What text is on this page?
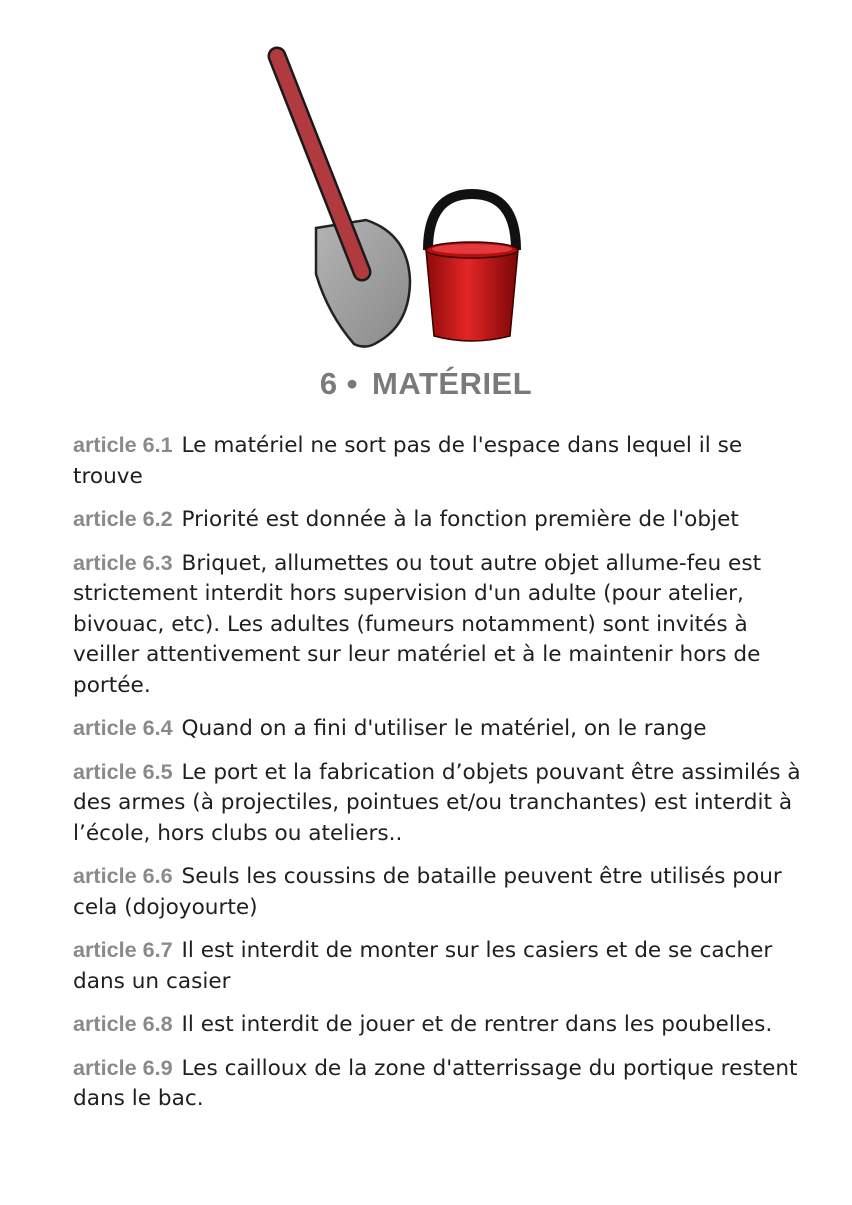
6 • MATÉRIEL
article 6.1 Le matériel ne sort pas de l'espace dans lequel il se trouve
article 6.2 Priorité est donnée à la fonction première de l'objet
article 6.3 Briquet, allumettes ou tout autre objet allume-feu est strictement interdit hors supervision d'un adulte (pour atelier, bivouac, etc). Les adultes (fumeurs notamment) sont invités à veiller attentivement sur leur matériel et à le maintenir hors de portée.
article 6.4 Quand on a fini d'utiliser le matériel, on le range
article 6.5 Le port et la fabrication d’objets pouvant être assimilés à des armes (à projectiles, pointues et/ou tranchantes) est interdit à l’école, hors clubs ou ateliers..
article 6.6 Seuls les coussins de bataille peuvent être utilisés pour cela (dojoyourte)
article 6.7 Il est interdit de monter sur les casiers et de se cacher dans un casier
article 6.8 Il est interdit de jouer et de rentrer dans les poubelles.
article 6.9 Les cailloux de la zone d'atterrissage du portique restent dans le bac.
